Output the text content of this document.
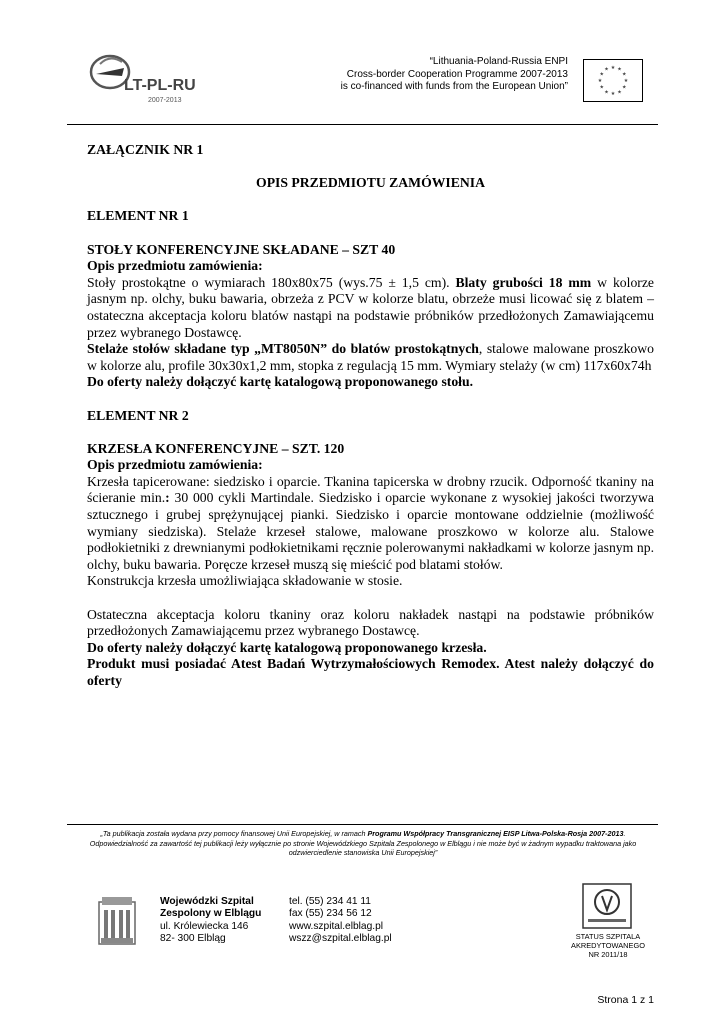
LT-PL-RU
2007-2013
“Lithuania-Poland-Russia ENPI
Cross-border Cooperation Programme 2007-2013
is co-financed with funds from the European Union”
★ ★
★
★
★
★
★
★
★
★
★
★

ZAŁĄCZNIK NR 1

OPIS PRZEDMIOTU ZAMÓWIENIA

ELEMENT NR 1

STOŁY KONFERENCYJNE SKŁADANE – SZT 40

Opis przedmiotu zamówienia:

Stoły prostokątne o wymiarach 180x80x75 (wys.75 ± 1,5 cm). Blaty grubości 18 mm w kolorze jasnym np. olchy, buku bawaria, obrzeża z PCV w kolorze blatu, obrzeże musi licować się z blatem – ostateczna akceptacja koloru blatów nastąpi na podstawie próbników przedłożonych Zamawiającemu przez wybranego Dostawcę.

Stelaże stołów składane typ „MT8050N” do blatów prostokątnych, stalowe malowane proszkowo w kolorze alu, profile 30x30x1,2 mm, stopka z regulacją 15 mm. Wymiary stelaży (w cm) 117x60x74h

Do oferty należy dołączyć kartę katalogową proponowanego stołu.

ELEMENT NR 2

KRZESŁA KONFERENCYJNE – SZT. 120

Opis przedmiotu zamówienia:

Krzesła tapicerowane: siedzisko i oparcie. Tkanina tapicerska w drobny rzucik. Odporność tkaniny na ścieranie min.: 30 000 cykli Martindale. Siedzisko i oparcie wykonane z wysokiej jakości tworzywa sztucznego i grubej sprężynującej pianki. Siedzisko i oparcie montowane oddzielnie (możliwość wymiany siedziska). Stelaże krzeseł stalowe, malowane proszkowo w kolorze alu. Stalowe podłokietniki z drewnianymi podłokietnikami ręcznie polerowanymi nakładkami w kolorze jasnym np. olchy, buku bawaria. Poręcze krzeseł muszą się mieścić pod blatami stołów.

Konstrukcja krzesła umożliwiająca składowanie w stosie.

Ostateczna akceptacja koloru tkaniny oraz koloru nakładek nastąpi na podstawie próbników przedłożonych Zamawiającemu przez wybranego Dostawcę.

Do oferty należy dołączyć kartę katalogową proponowanego krzesła.

Produkt musi posiadać Atest Badań Wytrzymałościowych Remodex. Atest należy dołączyć do oferty

„Ta publikacja została wydana przy pomocy finansowej Unii Europejskiej, w ramach Programu Współpracy Transgranicznej EISP Litwa-Polska-Rosja 2007-2013.
Odpowiedzialność za zawartość tej publikacji leży wyłącznie po stronie Wojewódzkiego Szpitala Zespolonego w Elblągu i nie może być w żadnym wypadku traktowana jako odzwierciedlenie stanowiska Unii Europejskiej”
Wojewódzki Szpital
Zespolony w Elblągu
ul. Królewiecka 146
82- 300 Elbląg
tel. (55) 234 41 11
fax (55) 234 56 12
www.szpital.elblag.pl
wszz@szpital.elblag.pl	STATUS SZPITALA
AKREDYTOWANEGO
NR 2011/18
Strona 1 z 1
